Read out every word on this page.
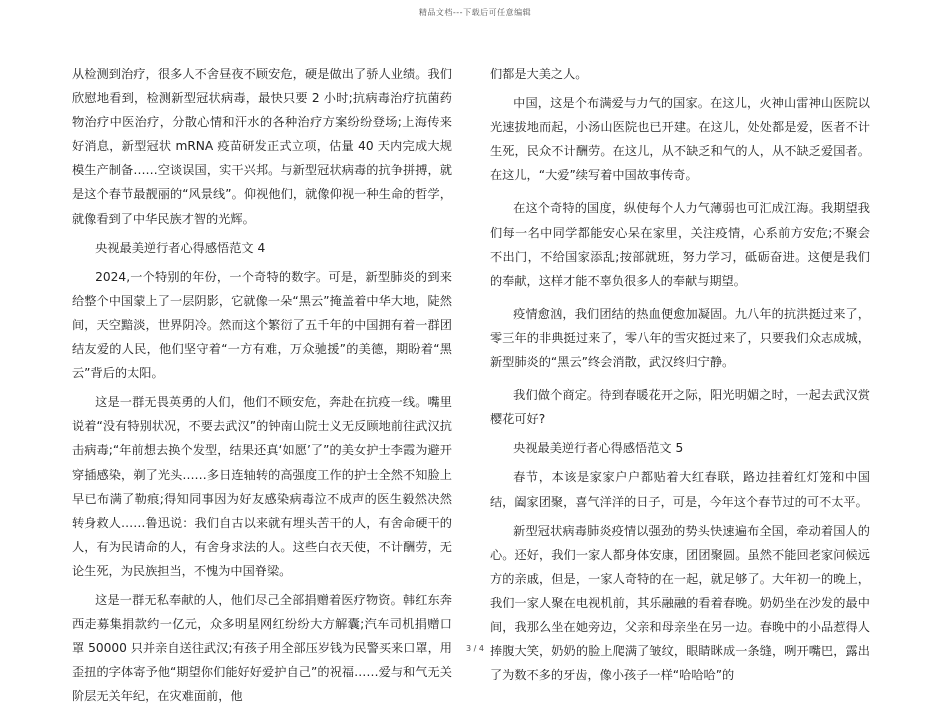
精品文档---下载后可任意编辑

从检测到治疗，很多人不舍昼夜不顾安危，硬是做出了骄人业绩。我们欣慰地看到，检测新型冠状病毒，最快只要 2 小时;抗病毒治疗抗菌药物治疗中医治疗，分散心情和汗水的各种治疗方案纷纷登场;上海传来好消息，新型冠状 mRNA 疫苗研发正式立项，估量 40 天内完成大规模生产制备……空谈误国，实干兴邦。与新型冠状病毒的抗争拼搏，就是这个春节最靓丽的“风景线”。仰视他们，就像仰视一种生命的哲学，就像看到了中华民族才智的光辉。

央视最美逆行者心得感悟范文 4

2024,一个特别的年份，一个奇特的数字。可是，新型肺炎的到来给整个中国蒙上了一层阴影，它就像一朵“黑云”掩盖着中华大地，陡然间，天空黯淡，世界阴冷。然而这个繁衍了五千年的中国拥有着一群团结友爱的人民，他们坚守着“一方有难，万众驰援”的美德，期盼着“黑云”背后的太阳。

这是一群无畏英勇的人们，他们不顾安危，奔赴在抗疫一线。嘴里说着“没有特别状况，不要去武汉”的钟南山院士义无反顾地前往武汉抗击病毒;“年前想去换个发型，结果还真‘如愿’了”的美女护士李霞为避开穿插感染，剃了光头……多日连轴转的高强度工作的护士全然不知脸上早已布满了勒痕;得知同事因为好友感染病毒泣不成声的医生毅然决然转身救人……鲁迅说：我们自古以来就有埋头苦干的人，有舍命硬干的人，有为民请命的人，有舍身求法的人。这些白衣天使，不计酬劳，无论生死，为民族担当，不愧为中国脊梁。

这是一群无私奉献的人，他们尽己全部捐赠着医疗物资。韩红东奔西走募集捐款约一亿元，众多明星网红纷纷大方解囊;汽车司机捐赠口罩 50000 只并亲自送往武汉;有孩子用全部压岁钱为民警买来口罩，用歪扭的字体寄予他“期望你们能好好爱护自己”的祝福……爱与和气无关阶层无关年纪，在灾难面前，他

们都是大美之人。

中国，这是个布满爱与力气的国家。在这儿，火神山雷神山医院以光速拔地而起，小汤山医院也已开建。在这儿，处处都是爱，医者不计生死，民众不计酬劳。在这儿，从不缺乏和气的人，从不缺乏爱国者。在这儿，“大爱”续写着中国故事传奇。

在这个奇特的国度，纵使每个人力气薄弱也可汇成江海。我期望我们每一名中同学都能安心呆在家里，关注疫情，心系前方安危;不聚会不出门，不给国家添乱;按部就班，努力学习，砥砺奋进。这便是我们的奉献，这样才能不辜负很多人的奉献与期望。

疫情愈汹，我们团结的热血便愈加凝固。九八年的抗洪挺过来了，零三年的非典挺过来了，零八年的雪灾挺过来了，只要我们众志成城，新型肺炎的“黑云”终会消散，武汉终归宁静。

我们做个商定。待到春暖花开之际，阳光明媚之时，一起去武汉赏樱花可好?

央视最美逆行者心得感悟范文 5

春节，本该是家家户户都贴着大红春联，路边挂着红灯笼和中国结，阖家团聚，喜气洋洋的日子，可是，今年这个春节过的可不太平。

新型冠状病毒肺炎疫情以强劲的势头快速遍布全国，牵动着国人的心。还好，我们一家人都身体安康，团团聚圆。虽然不能回老家问候远方的亲戚，但是，一家人奇特的在一起，就足够了。大年初一的晚上，我们一家人聚在电视机前，其乐融融的看着春晚。奶奶坐在沙发的最中间，我那么坐在她旁边，父亲和母亲坐在另一边。春晚中的小品惹得人捧腹大笑，奶奶的脸上爬满了皱纹，眼睛眯成一条缝，咧开嘴巴，露出了为数不多的牙齿，像小孩子一样“哈哈哈”的

3 / 4
